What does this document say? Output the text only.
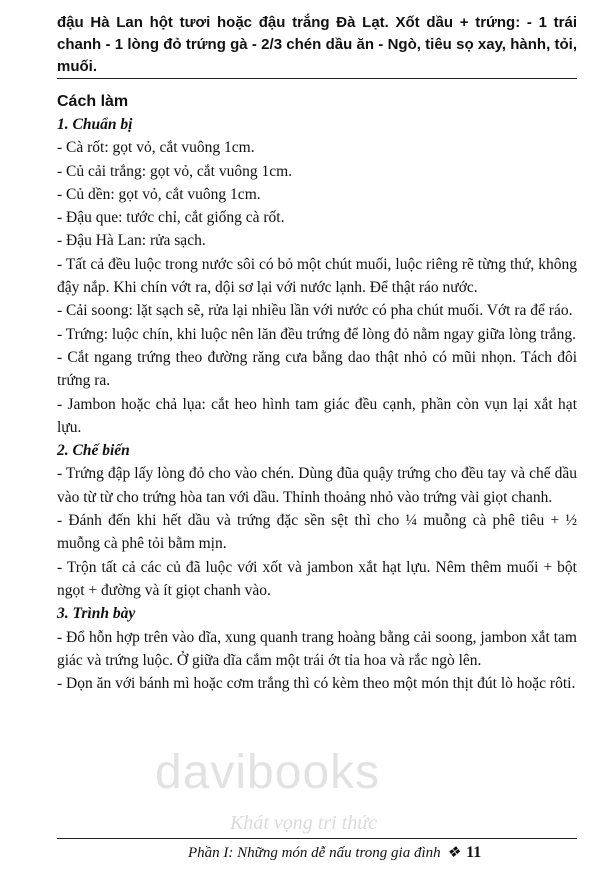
đậu Hà Lan hột tươi hoặc đậu trắng Đà Lạt. Xốt dầu + trứng: - 1 trái chanh - 1 lòng đỏ trứng gà - 2/3 chén dầu ăn - Ngò, tiêu sọ xay, hành, tỏi, muối.

Cách làm

1. Chuẩn bị

- Cà rốt: gọt vỏ, cắt vuông 1cm.

- Củ cải trắng: gọt vỏ, cắt vuông 1cm.

- Củ dền: gọt vỏ, cắt vuông 1cm.

- Đậu que: tước chỉ, cắt giống cà rốt.

- Đậu Hà Lan: rửa sạch.

- Tất cả đều luộc trong nước sôi có bỏ một chút muối, luộc riêng rẽ từng thứ, không đậy nắp. Khi chín vớt ra, dội sơ lại với nước lạnh. Để thật ráo nước.

- Cải soong: lặt sạch sẽ, rửa lại nhiều lần với nước có pha chút muối. Vớt ra để ráo.

- Trứng: luộc chín, khi luộc nên lăn đều trứng để lòng đỏ nằm ngay giữa lòng trắng.

- Cắt ngang trứng theo đường răng cưa bằng dao thật nhỏ có mũi nhọn. Tách đôi trứng ra.

- Jambon hoặc chả lụa: cắt heo hình tam giác đều cạnh, phần còn vụn lại xắt hạt lựu.

2. Chế biến

- Trứng đập lấy lòng đỏ cho vào chén. Dùng đũa quậy trứng cho đều tay và chế dầu vào từ từ cho trứng hòa tan với dầu. Thỉnh thoảng nhỏ vào trứng vài giọt chanh.

- Đánh đến khi hết dầu và trứng đặc sền sệt thì cho ¼ muỗng cà phê tiêu + ½ muỗng cà phê tỏi bằm mịn.

- Trộn tất cả các củ đã luộc với xốt và jambon xắt hạt lựu. Nêm thêm muối + bột ngọt + đường và ít giọt chanh vào.

3. Trình bày

- Đổ hỗn hợp trên vào dĩa, xung quanh trang hoàng bằng cải soong, jambon xắt tam giác và trứng luộc. Ở giữa dĩa cắm một trái ớt tỉa hoa và rắc ngò lên.

- Dọn ăn với bánh mì hoặc cơm trắng thì có kèm theo một món thịt đút lò hoặc rôti.

davibooks
Khát vọng tri thức
Phần I: Những món dễ nấu trong gia đình ❖ 11
